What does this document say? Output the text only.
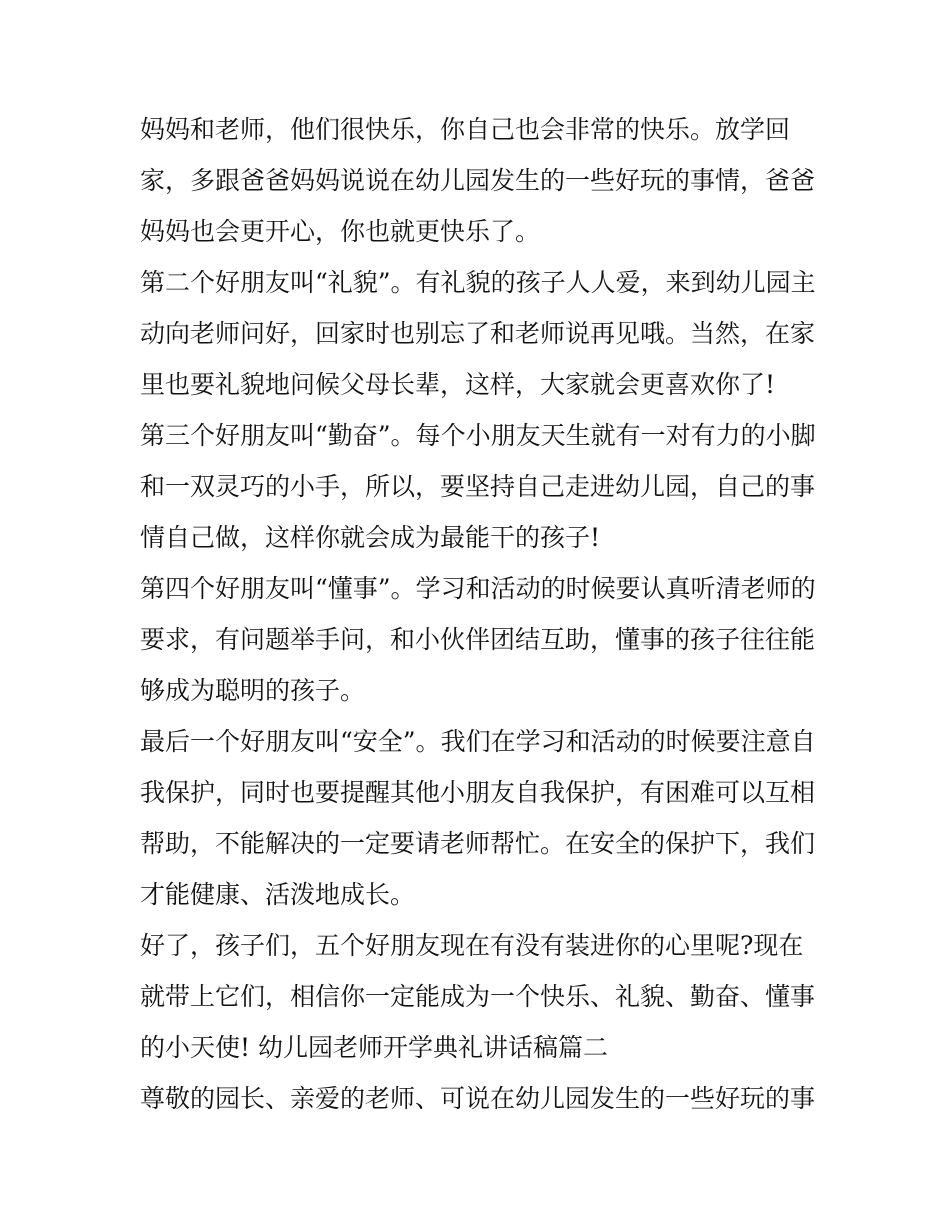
妈妈和老师，他们很快乐，你自己也会非常的快乐。放学回
家，多跟爸爸妈妈说说在幼儿园发生的一些好玩的事情，爸爸
妈妈也会更开心，你也就更快乐了。
第二个好朋友叫“礼貌”。有礼貌的孩子人人爱，来到幼儿园主
动向老师问好，回家时也别忘了和老师说再见哦。当然，在家
里也要礼貌地问候父母长辈，这样，大家就会更喜欢你了!
第三个好朋友叫“勤奋”。每个小朋友天生就有一对有力的小脚
和一双灵巧的小手，所以，要坚持自己走进幼儿园，自己的事
情自己做，这样你就会成为最能干的孩子!
第四个好朋友叫“懂事”。学习和活动的时候要认真听清老师的
要求，有问题举手问，和小伙伴团结互助，懂事的孩子往往能
够成为聪明的孩子。
最后一个好朋友叫“安全”。我们在学习和活动的时候要注意自
我保护，同时也要提醒其他小朋友自我保护，有困难可以互相
帮助，不能解决的一定要请老师帮忙。在安全的保护下，我们
才能健康、活泼地成长。
好了，孩子们，五个好朋友现在有没有装进你的心里呢?现在
就带上它们，相信你一定能成为一个快乐、礼貌、勤奋、懂事
的小天使! 幼儿园老师开学典礼讲话稿篇二
尊敬的园长、亲爱的老师、可说在幼儿园发生的一些好玩的事
